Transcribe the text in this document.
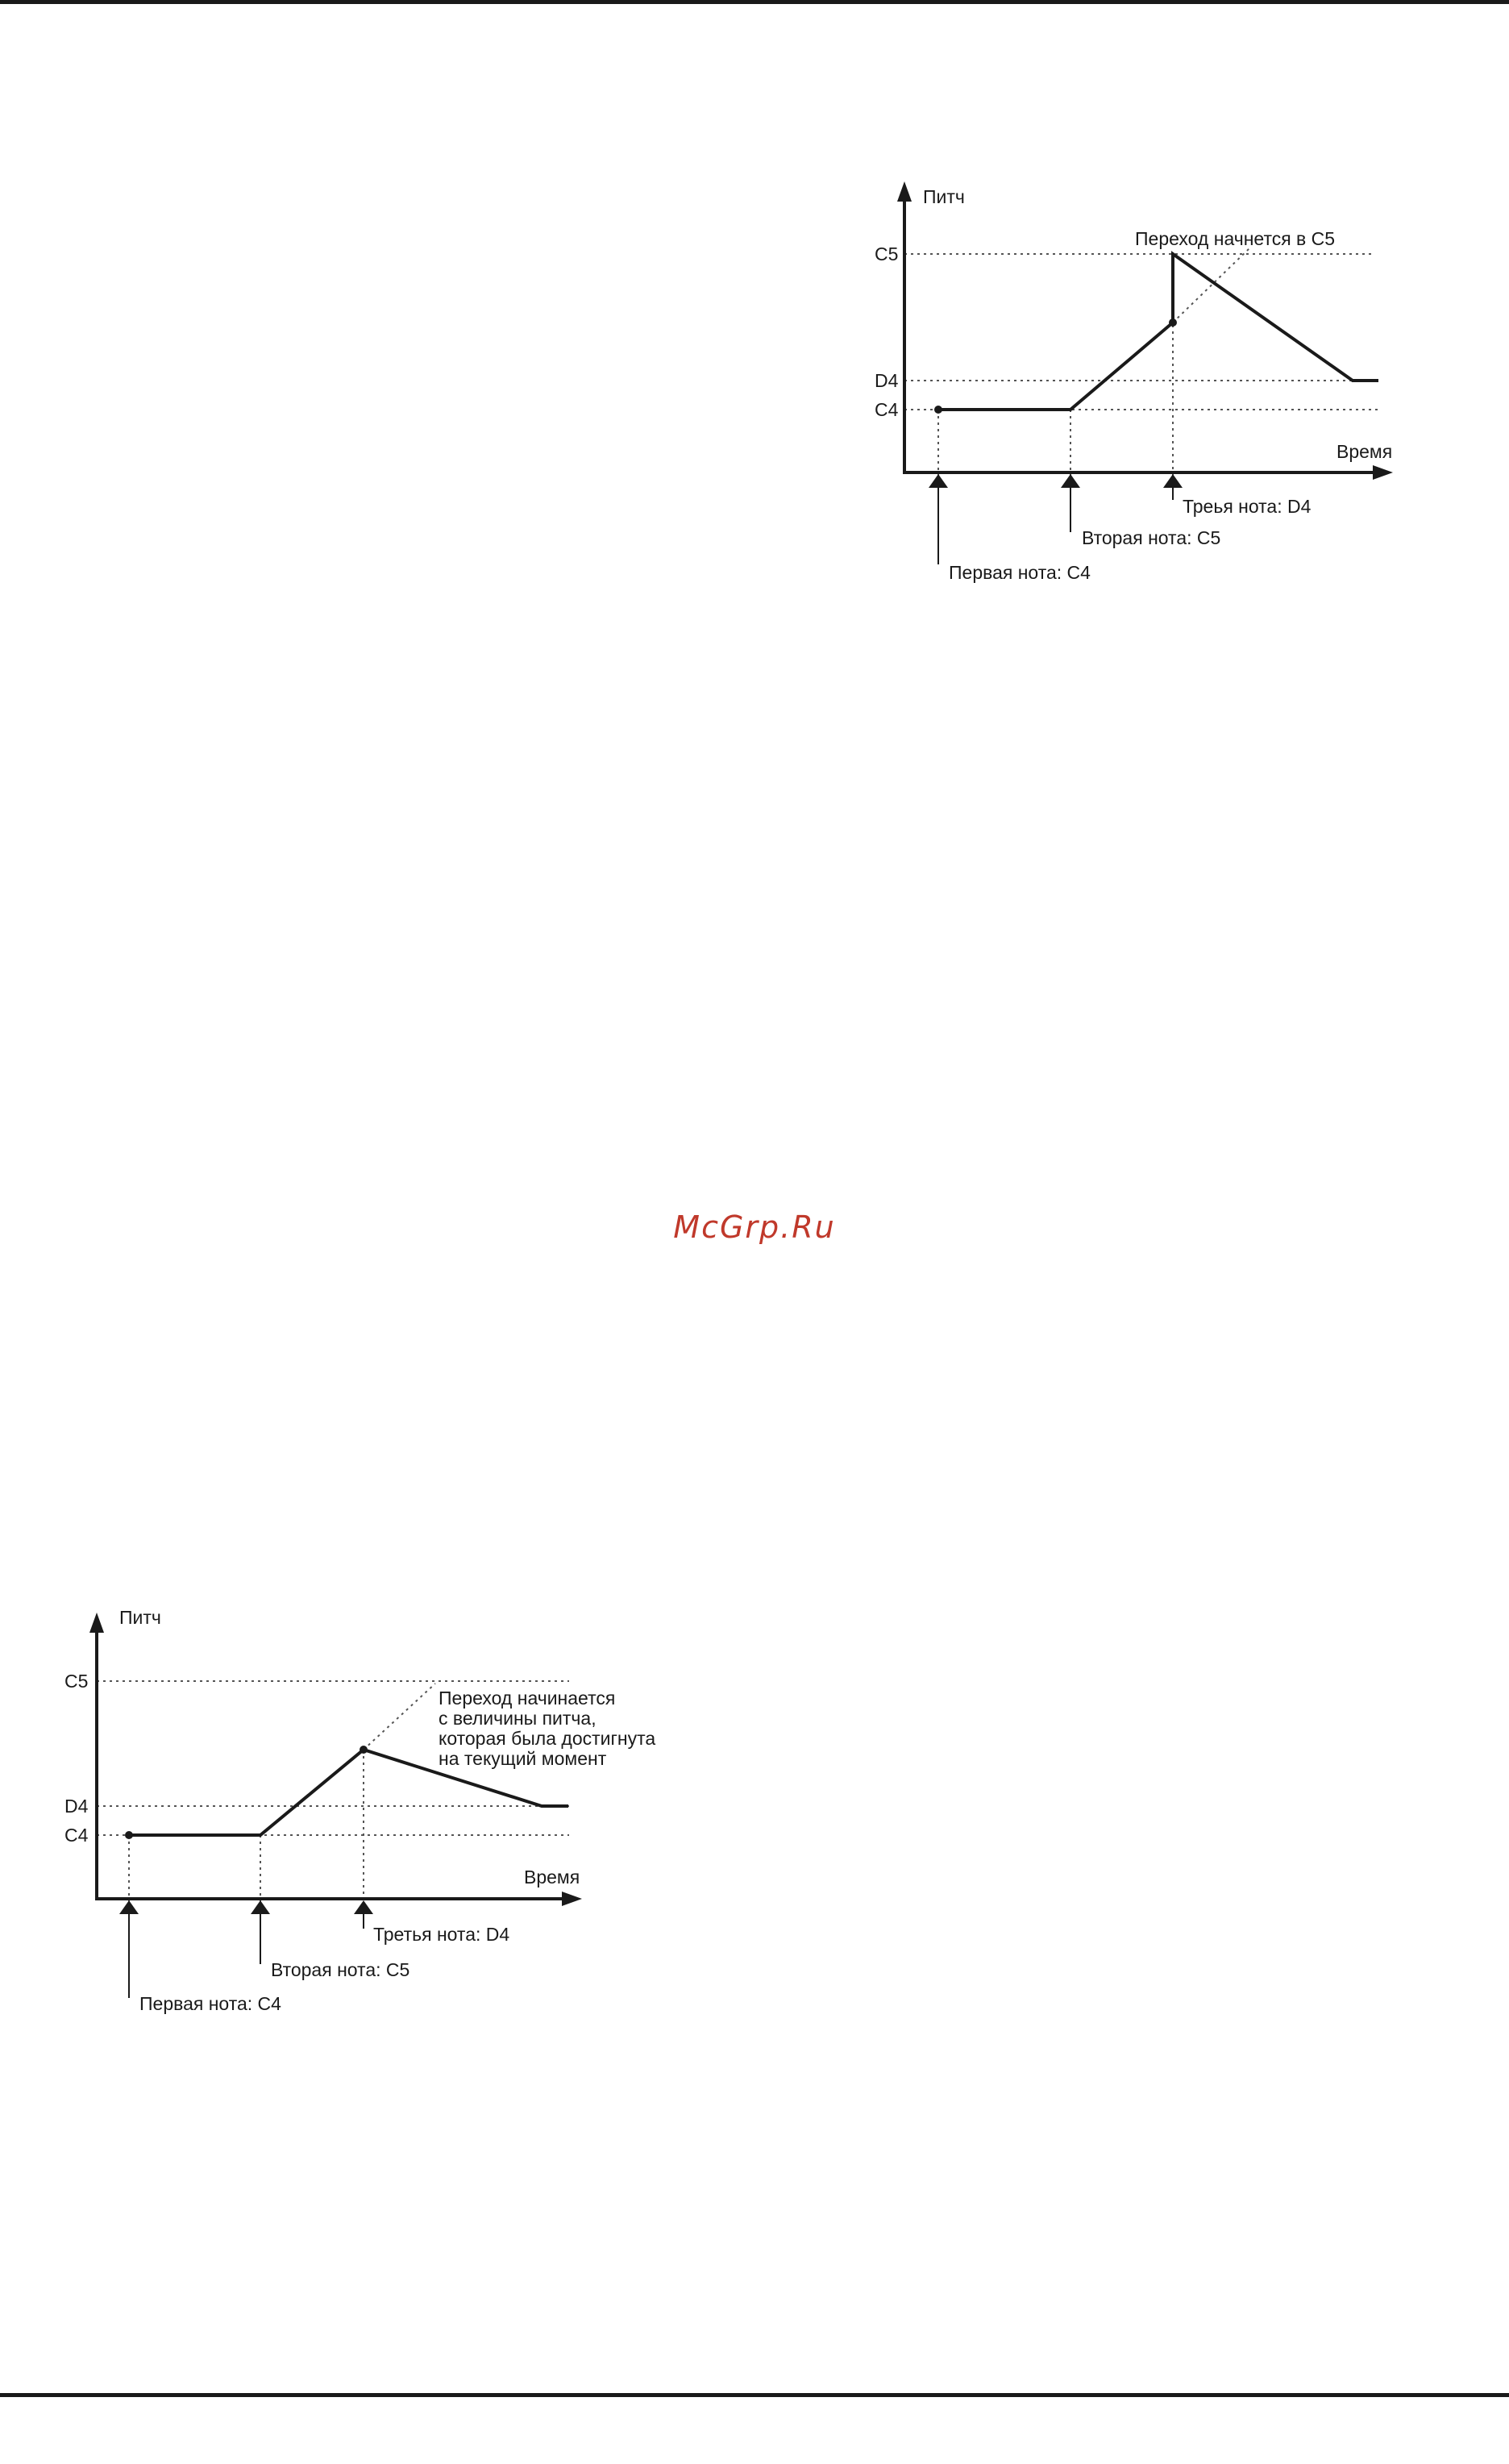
Питч
Время
C5
D4
C4
Переход начнется в C5
Первая нота: C4
Вторая нота: C5
Треья нота: D4
Питч
Время
C5
D4
C4
Переход начинается
с величины питча,
которая была достигнута
на текущий момент
Первая нота: C4
Вторая нота: C5
Третья нота: D4
McGrp.Ru
